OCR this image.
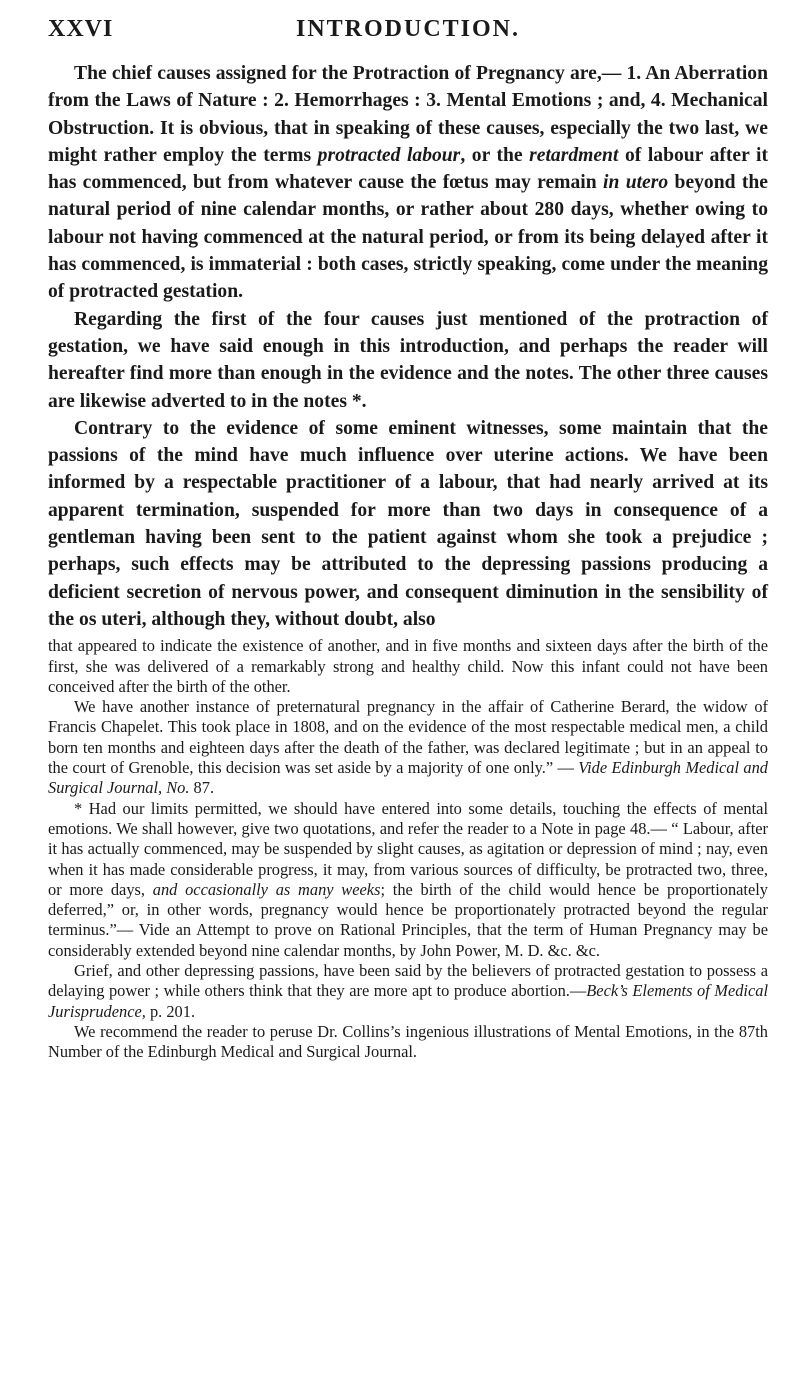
XXVI	INTRODUCTION.

The chief causes assigned for the Protraction of Pregnancy are,— 1. An Aberration from the Laws of Nature : 2. Hemorrhages : 3. Mental Emotions ; and, 4. Mechanical Obstruction. It is obvious, that in speaking of these causes, especially the two last, we might rather employ the terms protracted labour, or the retardment of labour after it has commenced, but from whatever cause the fœtus may remain in utero beyond the natural period of nine calendar months, or rather about 280 days, whether owing to labour not having commenced at the natural period, or from its being delayed after it has commenced, is immaterial : both cases, strictly speaking, come under the meaning of protracted gestation.

Regarding the first of the four causes just mentioned of the protraction of gestation, we have said enough in this introduction, and perhaps the reader will hereafter find more than enough in the evidence and the notes. The other three causes are likewise adverted to in the notes *.

Contrary to the evidence of some eminent witnesses, some maintain that the passions of the mind have much influence over uterine actions. We have been informed by a respectable practitioner of a labour, that had nearly arrived at its apparent termination, suspended for more than two days in consequence of a gentleman having been sent to the patient against whom she took a prejudice ; perhaps, such effects may be attributed to the depressing passions producing a deficient secretion of nervous power, and consequent diminution in the sensibility of the os uteri, although they, without doubt, also

that appeared to indicate the existence of another, and in five months and sixteen days after the birth of the first, she was delivered of a remarkably strong and healthy child. Now this infant could not have been conceived after the birth of the other.

We have another instance of preternatural pregnancy in the affair of Catherine Berard, the widow of Francis Chapelet. This took place in 1808, and on the evidence of the most respectable medical men, a child born ten months and eighteen days after the death of the father, was declared legitimate ; but in an appeal to the court of Grenoble, this decision was set aside by a majority of one only.” — Vide Edinburgh Medical and Surgical Journal, No. 87.

* Had our limits permitted, we should have entered into some details, touching the effects of mental emotions. We shall however, give two quotations, and refer the reader to a Note in page 48.— “ Labour, after it has actually commenced, may be suspended by slight causes, as agitation or depression of mind ; nay, even when it has made considerable progress, it may, from various sources of difficulty, be protracted two, three, or more days, and occasionally as many weeks; the birth of the child would hence be proportionately deferred,” or, in other words, pregnancy would hence be proportionately protracted beyond the regular terminus.”— Vide an Attempt to prove on Rational Principles, that the term of Human Pregnancy may be considerably extended beyond nine calendar months, by John Power, M. D. &c. &c.

Grief, and other depressing passions, have been said by the believers of protracted gestation to possess a delaying power ; while others think that they are more apt to produce abortion.—Beck’s Elements of Medical Jurisprudence, p. 201.

We recommend the reader to peruse Dr. Collins’s ingenious illustrations of Mental Emotions, in the 87th Number of the Edinburgh Medical and Surgical Journal.
